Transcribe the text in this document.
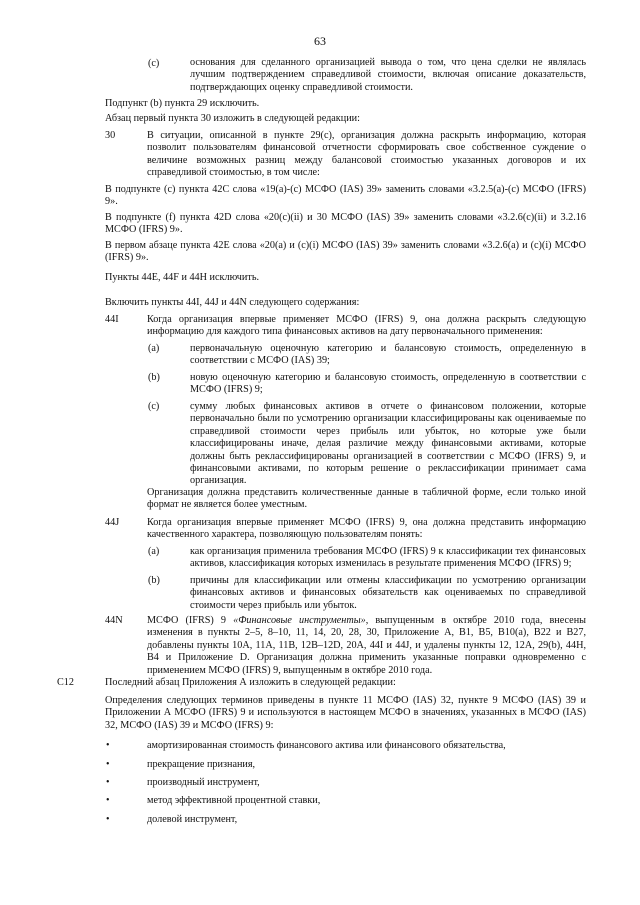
63
(c)	основания для сделанного организацией вывода о том, что цена сделки не являлась лучшим подтверждением справедливой стоимости, включая описание доказательств, подтверждающих оценку справедливой стоимости.
Подпункт (b) пункта 29 исключить.
Абзац первый пункта 30 изложить в следующей редакции:
30	В ситуации, описанной в пункте 29(c), организация должна раскрыть информацию, которая позволит пользователям финансовой отчетности сформировать свое собственное суждение о величине возможных разниц между балансовой стоимостью указанных договоров и их справедливой стоимостью, в том числе:
В подпункте (с) пункта 42С слова «19(а)-(с) МСФО (IAS) 39» заменить словами «3.2.5(а)-(с) МСФО (IFRS) 9».
В подпункте (f) пункта 42D слова «20(с)(ii) и 30 МСФО (IAS) 39» заменить словами «3.2.6(с)(ii) и 3.2.16 МСФО (IFRS) 9».
В первом абзаце пункта 42Е слова «20(а) и (с)(i) МСФО (IAS) 39» заменить словами «3.2.6(а) и (с)(i) МСФО (IFRS) 9».
Пункты 44Е, 44F и 44H исключить.
Включить пункты 44I, 44J и 44N следующего содержания:
44I	Когда организация впервые применяет МСФО (IFRS) 9, она должна раскрыть следующую информацию для каждого типа финансовых активов на дату первоначального применения:
(a)	первоначальную оценочную категорию и балансовую стоимость, определенную в соответствии с МСФО (IAS) 39;
(b)	новую оценочную категорию и балансовую стоимость, определенную в соответствии с МСФО (IFRS) 9;
(c)	сумму любых финансовых активов в отчете о финансовом положении, которые первоначально были по усмотрению организации классифицированы как оцениваемые по справедливой стоимости через прибыль или убыток, но которые уже были классифицированы иначе, делая различие между финансовыми активами, которые должны быть реклассифицированы организацией в соответствии с МСФО (IFRS) 9, и финансовыми активами, по которым решение о реклассификации принимает сама организация.
Организация должна представить количественные данные в табличной форме, если только иной формат не является более уместным.
44J	Когда организация впервые применяет МСФО (IFRS) 9, она должна представить информацию качественного характера, позволяющую пользователям понять:
(a)	как организация применила требования МСФО (IFRS) 9 к классификации тех финансовых активов, классификация которых изменилась в результате применения МСФО (IFRS) 9;
(b)	причины для классификации или отмены классификации по усмотрению организации финансовых активов и финансовых обязательств как оцениваемых по справедливой стоимости через прибыль или убыток.
44N МСФО (IFRS) 9 «Финансовые инструменты», выпущенным в октябре 2010 года, внесены изменения в пункты 2–5, 8–10, 11, 14, 20, 28, 30, Приложение А, В1, В5, В10(а), В22 и В27, добавлены пункты 10А, 11А, 11В, 12В–12D, 20А, 44I и 44J, и удалены пункты 12, 12А, 29(b), 44Н, В4 и Приложение D. Организация должна применить указанные поправки одновременно с применением МСФО (IFRS) 9, выпущенным в октябре 2010 года.
C12	Последний абзац Приложения А изложить в следующей редакции:
Определения следующих терминов приведены в пункте 11 МСФО (IAS) 32, пункте 9 МСФО (IAS) 39 и Приложении А МСФО (IFRS) 9 и используются в настоящем МСФО в значениях, указанных в МСФО (IAS) 32, МСФО (IAS) 39 и МСФО (IFRS) 9:
•	амортизированная стоимость финансового актива или финансового обязательства,
•	прекращение признания,
•	производный инструмент,
•	метод эффективной процентной ставки,
•	долевой инструмент,
